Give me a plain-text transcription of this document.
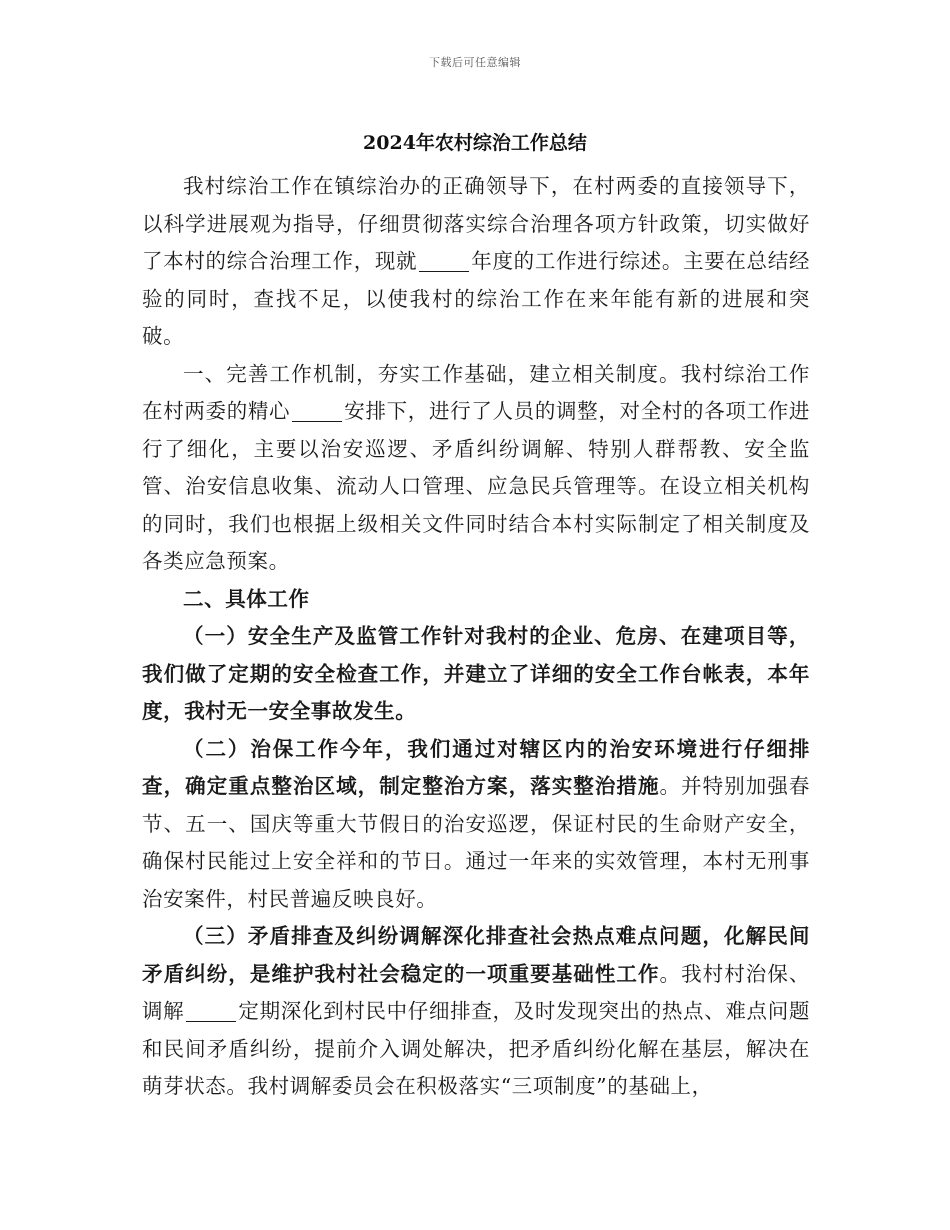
下载后可任意编辑
2024年农村综治工作总结

我村综治工作在镇综治办的正确领导下，在村两委的直接领导下，以科学进展观为指导，仔细贯彻落实综合治理各项方针政策，切实做好了本村的综合治理工作，现就	年度的工作进行综述。主要在总结经验的同时，查找不足，以使我村的综治工作在来年能有新的进展和突破。

一、完善工作机制，夯实工作基础，建立相关制度。我村综治工作在村两委的精心	安排下，进行了人员的调整，对全村的各项工作进行了细化，主要以治安巡逻、矛盾纠纷调解、特别人群帮教、安全监管、治安信息收集、流动人口管理、应急民兵管理等。在设立相关机构的同时，我们也根据上级相关文件同时结合本村实际制定了相关制度及各类应急预案。

二、具体工作

（一）安全生产及监管工作针对我村的企业、危房、在建项目等，我们做了定期的安全检查工作，并建立了详细的安全工作台帐表，本年度，我村无一安全事故发生。

（二）治保工作今年，我们通过对辖区内的治安环境进行仔细排查，确定重点整治区域，制定整治方案，落实整治措施。并特别加强春节、五一、国庆等重大节假日的治安巡逻，保证村民的生命财产安全，确保村民能过上安全祥和的节日。通过一年来的实效管理，本村无刑事治安案件，村民普遍反映良好。

（三）矛盾排查及纠纷调解深化排查社会热点难点问题，化解民间矛盾纠纷，是维护我村社会稳定的一项重要基础性工作。我村村治保、调解	定期深化到村民中仔细排查，及时发现突出的热点、难点问题和民间矛盾纠纷，提前介入调处解决，把矛盾纠纷化解在基层，解决在萌芽状态。我村调解委员会在积极落实“三项制度”的基础上，
